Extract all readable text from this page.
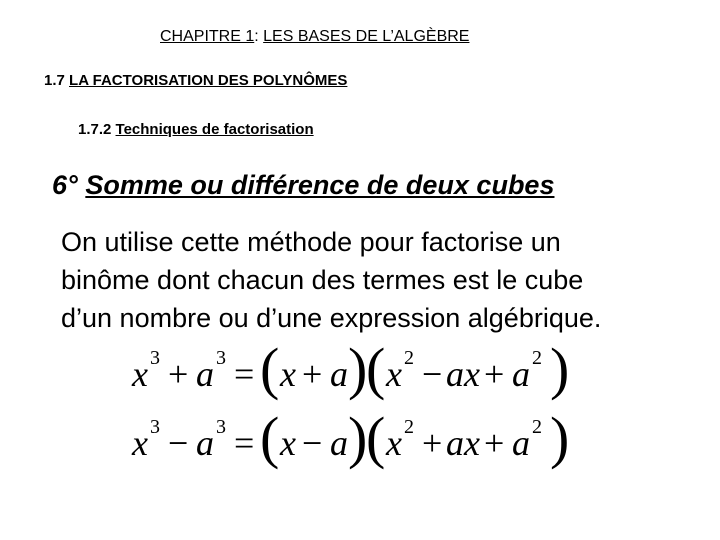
CHAPITRE 1: LES BASES DE L’ALGÈBRE
1.7 LA FACTORISATION DES POLYNÔMES
1.7.2 Techniques de factorisation
6° Somme ou différence de deux cubes
On utilise cette méthode pour factorise un
binôme dont chacun des termes est le cube
d’un nombre ou d’une expression algébrique.
x 3 + a 3 = ( x + a )
( x 2 − ax + a 2 )
x 3 − a 3 = ( x − a )
( x 2 + ax + a 2 )
